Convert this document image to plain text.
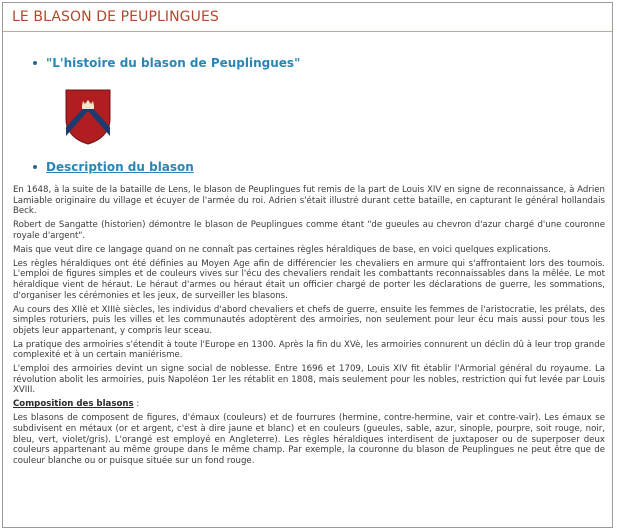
LE BLASON DE PEUPLINGUES
"L'histoire du blason de Peuplingues"
Description du blason

En 1648, à la suite de la bataille de Lens, le blason de Peuplingues fut remis de la part de Louis XIV en signe de reconnaissance, à Adrien Lamiable originaire du village et écuyer de l'armée du roi. Adrien s'était illustré durant cette bataille, en capturant le général hollandais Beck.

Robert de Sangatte (historien) démontre le blason de Peuplingues comme étant "de gueules au chevron d'azur chargé d'une couronne royale d'argent".

Mais que veut dire ce langage quand on ne connaît pas certaines règles héraldiques de base, en voici quelques explications.

Les règles héraldiques ont été définies au Moyen Age afin de différencier les chevaliers en armure qui s'affrontaient lors des tournois. L'emploi de figures simples et de couleurs vives sur l'écu des chevaliers rendait les combattants reconnaissables dans la mêlée. Le mot héraldique vient de héraut. Le héraut d'armes ou héraut était un officier chargé de porter les déclarations de guerre, les sommations, d'organiser les cérémonies et les jeux, de surveiller les blasons.

Au cours des XIIè et XIIIè siècles, les individus d'abord chevaliers et chefs de guerre, ensuite les femmes de l'aristocratie, les prélats, des simples roturiers, puis les villes et les communautés adoptèrent des armoiries, non seulement pour leur écu mais aussi pour tous les objets leur appartenant, y compris leur sceau.

La pratique des armoiries s'étendit à toute l'Europe en 1300. Après la fin du XVè, les armoiries connurent un déclin dû à leur trop grande complexité et à un certain maniérisme.

L'emploi des armoiries devint un signe social de noblesse. Entre 1696 et 1709, Louis XIV fit établir l'Armorial général du royaume. La révolution abolit les armoiries, puis Napoléon 1er les rétablit en 1808, mais seulement pour les nobles, restriction qui fut levée par Louis XVIII.

Composition des blasons :

Les blasons de composent de figures, d'émaux (couleurs) et de fourrures (hermine, contre-hermine, vair et contre-vair). Les émaux se subdivisent en métaux (or et argent, c'est à dire jaune et blanc) et en couleurs (gueules, sable, azur, sinople, pourpre, soit rouge, noir, bleu, vert, violet/gris). L'orangé est employé en Angleterre). Les règles héraldiques interdisent de juxtaposer ou de superposer deux couleurs appartenant au même groupe dans le même champ. Par exemple, la couronne du blason de Peuplingues ne peut être que de couleur blanche ou or puisque située sur un fond rouge.
